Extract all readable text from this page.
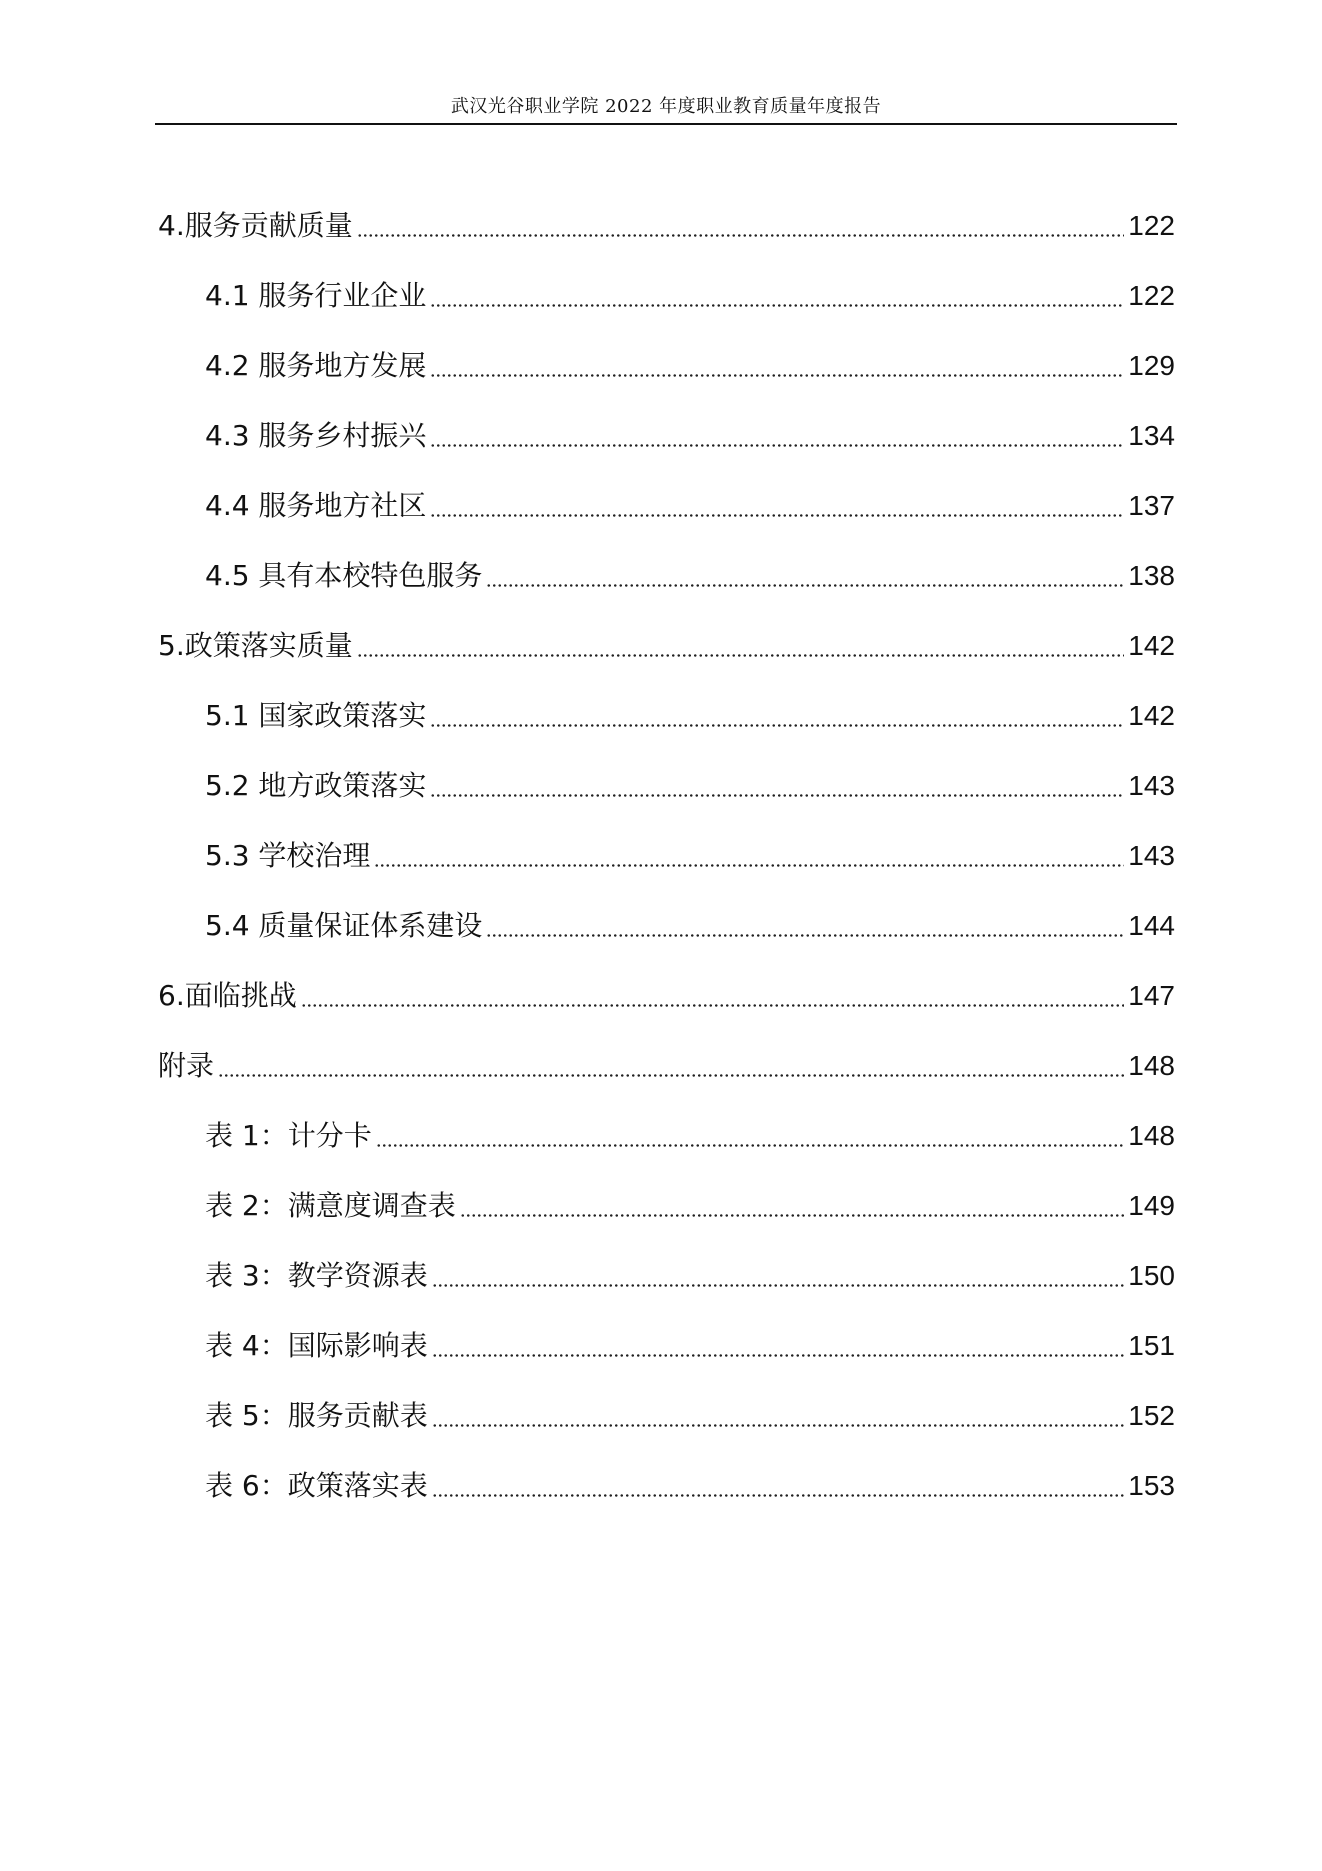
武汉光谷职业学院 2022 年度职业教育质量年度报告
4.服务贡献质量	122
4.1 服务行业企业	122
4.2 服务地方发展	129
4.3 服务乡村振兴	134
4.4 服务地方社区	137
4.5 具有本校特色服务	138
5.政策落实质量	142
5.1 国家政策落实	142
5.2 地方政策落实	143
5.3 学校治理	143
5.4 质量保证体系建设	144
6.面临挑战	147
附录	148
表 1：计分卡	148
表 2：满意度调查表	149
表 3：教学资源表	150
表 4：国际影响表	151
表 5：服务贡献表	152
表 6：政策落实表	153
